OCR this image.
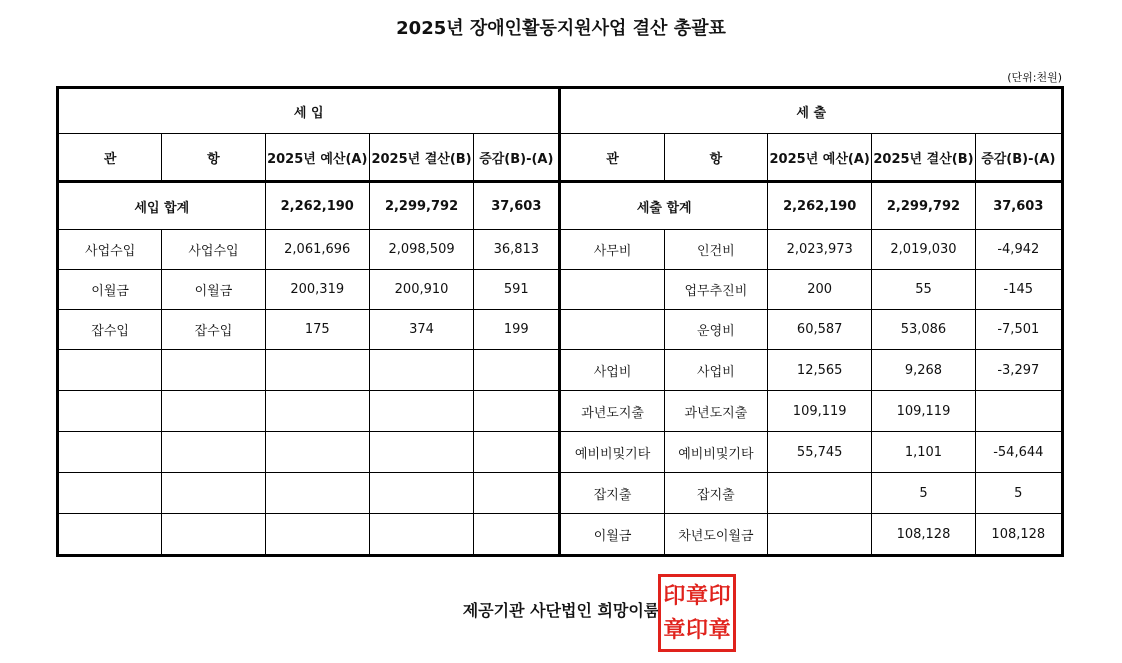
2025년 장애인활동지원사업 결산 총괄표
(단위:천원)
세 입					세 출				
관	항	2025년 예산(A)	2025년 결산(B)	증감(B)-(A)	관	항	2025년 예산(A)	2025년 결산(B)	증감(B)-(A)
세입 합계		2,262,190	2,299,792	37,603	세출 합계		2,262,190	2,299,792	37,603
사업수입	사업수입	2,061,696	2,098,509	36,813	사무비	인건비	2,023,973	2,019,030	-4,942
이월금	이월금	200,319	200,910	591		업무추진비	200	55	-145
잡수입	잡수입	175	374	199		운영비	60,587	53,086	-7,501
					사업비	사업비	12,565	9,268	-3,297
					과년도지출	과년도지출	109,119	109,119	
					예비비및기타	예비비및기타	55,745	1,101	-54,644
					잡지출	잡지출		5	5
					이월금	차년도이월금		108,128	108,128
제공기관 사단법인 희망이룸
印 章 印
章 印 章
